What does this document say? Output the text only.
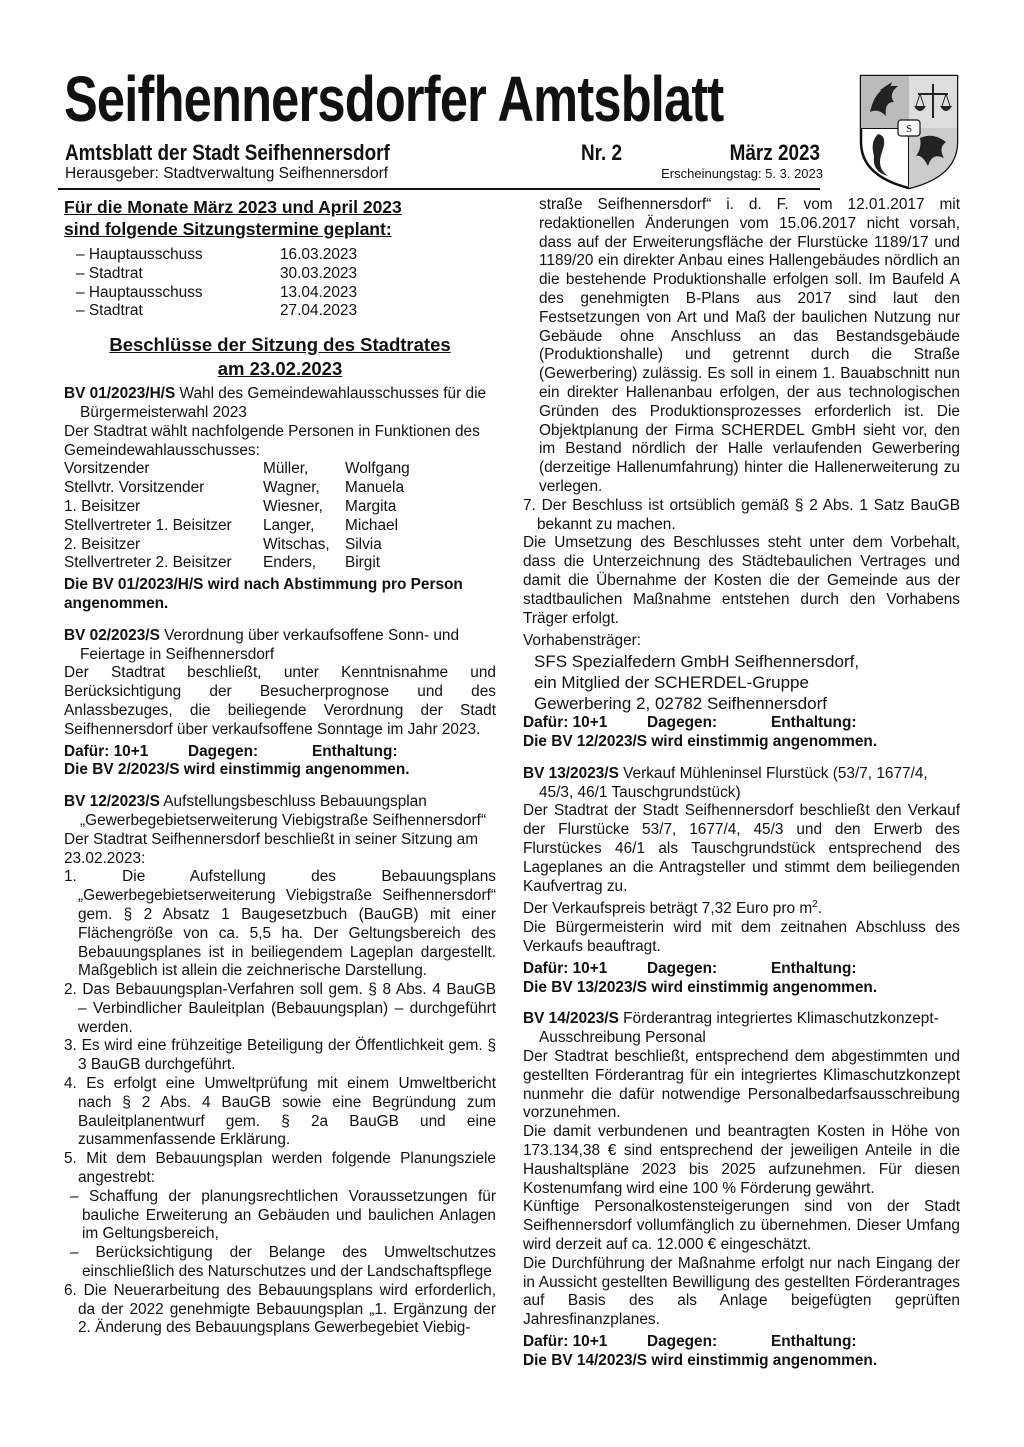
Seifhennersdorfer Amtsblatt
Amtsblatt der Stadt Seifhennersdorf	Nr. 2	März 2023
Herausgeber: Stadtverwaltung Seifhennersdorf	Erscheinungstag: 5. 3. 2023
S

Für die Monate März 2023 und April 2023

sind folgende Sitzungstermine geplant:

– Hauptausschuss	16.03.2023
– Stadtrat	30.03.2023
– Hauptausschuss	13.04.2023
– Stadtrat	27.04.2023

Beschlüsse der Sitzung des Stadtrates

am 23.02.2023

BV 01/2023/H/S Wahl des Gemeindewahlausschusses für die Bürgermeisterwahl 2023

Der Stadtrat wählt nachfolgende Personen in Funktionen des Gemeindewahlausschusses:

Vorsitzender	Müller,	Wolfgang
Stellvtr. Vorsitzender	Wagner,	Manuela
1. Beisitzer	Wiesner,	Margita
Stellvertreter 1. Beisitzer	Langer,	Michael
2. Beisitzer	Witschas,	Silvia
Stellvertreter 2. Beisitzer	Enders,	Birgit

Die BV 01/2023/H/S wird nach Abstimmung pro Person angenommen.

BV 02/2023/S Verordnung über verkaufsoffene Sonn- und Feiertage in Seifhennersdorf

Der Stadtrat beschließt, unter Kenntnisnahme und Berücksichtigung der Besucherprognose und des Anlassbezuges, die beiliegende Verordnung der Stadt Seifhennersdorf über verkaufsoffene Sonntage im Jahr 2023.

Dafür: 10+1	Dagegen:	Enthaltung:

Die BV 2/2023/S wird einstimmig angenommen.

BV 12/2023/S Aufstellungsbeschluss Bebauungsplan

„Gewerbegebietserweiterung Viebigstraße Seifhennersdorf“

Der Stadtrat Seifhennersdorf beschließt in seiner Sitzung am 23.02.2023:

1. Die Aufstellung des Bebauungsplans „Gewerbegebietserweiterung Viebigstraße Seifhennersdorf“ gem. § 2 Absatz 1 Baugesetzbuch (BauGB) mit einer Flächengröße von ca. 5,5 ha. Der Geltungsbereich des Bebauungsplanes ist in beiliegendem Lageplan dargestellt. Maßgeblich ist allein die zeichnerische Darstellung.

2. Das Bebauungsplan-Verfahren soll gem. § 8 Abs. 4 BauGB – Verbindlicher Bauleitplan (Bebauungsplan) – durchgeführt werden.

3. Es wird eine frühzeitige Beteiligung der Öffentlichkeit gem. § 3 BauGB durchgeführt.

4. Es erfolgt eine Umweltprüfung mit einem Umweltbericht nach § 2 Abs. 4 BauGB sowie eine Begründung zum Bauleitplanentwurf gem. § 2a BauGB und eine zusammenfassende Erklärung.

5. Mit dem Bebauungsplan werden folgende Planungsziele angestrebt:

– Schaffung der planungsrechtlichen Voraussetzungen für bauliche Erweiterung an Gebäuden und baulichen Anlagen im Geltungsbereich,

– Berücksichtigung der Belange des Umweltschutzes einschließlich des Naturschutzes und der Landschaftspflege

6. Die Neuerarbeitung des Bebauungsplans wird erforderlich, da der 2022 genehmigte Bebauungsplan „1. Ergänzung der 2. Änderung des Bebauungsplans Gewerbegebiet Viebig-

straße Seifhennersdorf“ i. d. F. vom 12.01.2017 mit redaktionellen Änderungen vom 15.06.2017 nicht vorsah, dass auf der Erweiterungsfläche der Flurstücke 1189/17 und 1189/20 ein direkter Anbau eines Hallengebäudes nördlich an die bestehende Produktionshalle erfolgen soll. Im Baufeld A des genehmigten B-Plans aus 2017 sind laut den Festsetzungen von Art und Maß der baulichen Nutzung nur Gebäude ohne Anschluss an das Bestandsgebäude (Produktionshalle) und getrennt durch die Straße (Gewerbering) zulässig. Es soll in einem 1. Bauabschnitt nun ein direkter Hallenanbau erfolgen, der aus technologischen Gründen des Produktionsprozesses erforderlich ist. Die Objektplanung der Firma SCHERDEL GmbH sieht vor, den im Bestand nördlich der Halle verlaufenden Gewerbering (derzeitige Hallenumfahrung) hinter die Hallenerweiterung zu verlegen.

7. Der Beschluss ist ortsüblich gemäß § 2 Abs. 1 Satz BauGB bekannt zu machen.

Die Umsetzung des Beschlusses steht unter dem Vorbehalt, dass die Unterzeichnung des Städtebaulichen Vertrages und damit die Übernahme der Kosten die der Gemeinde aus der stadtbaulichen Maßnahme entstehen durch den Vorhabens Träger erfolgt.

Vorhabensträger:

SFS Spezialfedern GmbH Seifhennersdorf,

ein Mitglied der SCHERDEL-Gruppe

Gewerbering 2, 02782 Seifhennersdorf

Dafür: 10+1	Dagegen:	Enthaltung:

Die BV 12/2023/S wird einstimmig angenommen.

BV 13/2023/S Verkauf Mühleninsel Flurstück (53/7, 1677/4, 45/3, 46/1 Tauschgrundstück)

Der Stadtrat der Stadt Seifhennersdorf beschließt den Verkauf der Flurstücke 53/7, 1677/4, 45/3 und den Erwerb des Flurstückes 46/1 als Tauschgrundstück entsprechend des Lageplanes an die Antragsteller und stimmt dem beiliegenden Kaufvertrag zu.

Der Verkaufspreis beträgt 7,32 Euro pro $m^2$.

Die Bürgermeisterin wird mit dem zeitnahen Abschluss des Verkaufs beauftragt.

Dafür: 10+1	Dagegen:	Enthaltung:

Die BV 13/2023/S wird einstimmig angenommen.

BV 14/2023/S Förderantrag integriertes Klimaschutzkonzept-Ausschreibung Personal

Der Stadtrat beschließt, entsprechend dem abgestimmten und gestellten Förderantrag für ein integriertes Klimaschutzkonzept nunmehr die dafür notwendige Personalbedarfsausschreibung vorzunehmen.

Die damit verbundenen und beantragten Kosten in Höhe von 173.134,38 € sind entsprechend der jeweiligen Anteile in die Haushaltspläne 2023 bis 2025 aufzunehmen. Für diesen Kostenumfang wird eine 100 % Förderung gewährt.

Künftige Personalkostensteigerungen sind von der Stadt Seifhennersdorf vollumfänglich zu übernehmen. Dieser Umfang wird derzeit auf ca. 12.000 € eingeschätzt.

Die Durchführung der Maßnahme erfolgt nur nach Eingang der in Aussicht gestellten Bewilligung des gestellten Förderantrages auf Basis des als Anlage beigefügten geprüften Jahresfinanzplanes.

Dafür: 10+1	Dagegen:	Enthaltung:

Die BV 14/2023/S wird einstimmig angenommen.
